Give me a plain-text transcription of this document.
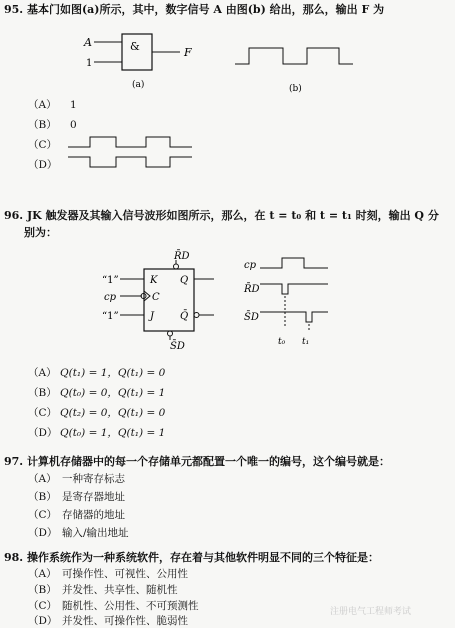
95. 基本门如图(a)所示，其中，数字信号 A 由图(b) 给出，那么，输出 F 为
A
1
&	F
(a)	(b)
（A） 1
（B） 0
（C）
（D）
96. JK 触发器及其输入信号波形如图所示，那么，在 t = t₀ 和 t = t₁ 时刻，输出 Q 分
别为：
R̄D
“1”	K Q
cp	C
“1”	J	Q̄
S̄D
cp
R̄D
S̄D
t₀ t₁
（A） Q(t₁) = 1，Q(t₁) = 0
（B） Q(t₀) = 0，Q(t₁) = 1
（C） Q(t₂) = 0，Q(t₁) = 0
（D） Q(t₀) = 1，Q(t₁) = 1
97. 计算机存储器中的每一个存储单元都配置一个唯一的编号，这个编号就是：
（A） 一种寄存标志
（B） 是寄存器地址
（C） 存储器的地址
（D） 输入/输出地址
98. 操作系统作为一种系统软件，存在着与其他软件明显不同的三个特征是：
（A） 可操作性、可视性、公用性
（B） 并发性、共享性、随机性
（C） 随机性、公用性、不可预测性
（D） 并发性、可操作性、脆弱性
注册电气工程师考试
